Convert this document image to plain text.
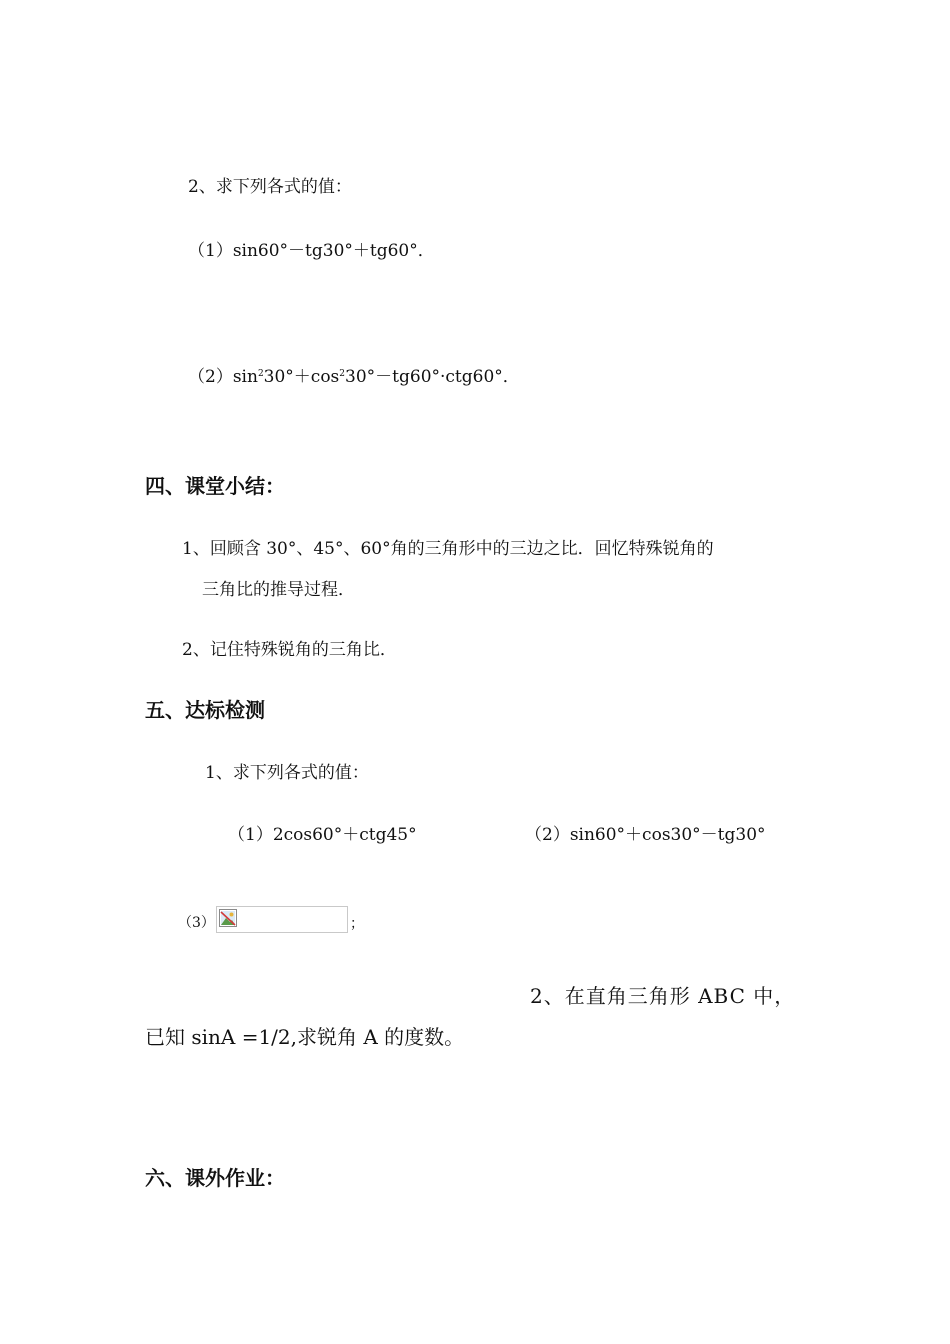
2、求下列各式的值：
（1）sin60°－tg30°＋tg60°．
$(2)\sin^230^\circ+\cos^230^\circ-tg60^\circ\cdot ctg60^\circ$．
四、课堂小结：
1、回顾含 30°、45°、60°角的三角形中的三边之比．回忆特殊锐角的
三角比的推导过程．
2、记住特殊锐角的三角比．
五、达标检测
1、求下列各式的值：
（1）2cos60°＋ctg45°	（2）sin60°＋cos30°－tg30°
（3）	；
2、在直角三角形 ABC 中，
已知 sinA =1/2,求锐角 A 的度数。
六、课外作业：
